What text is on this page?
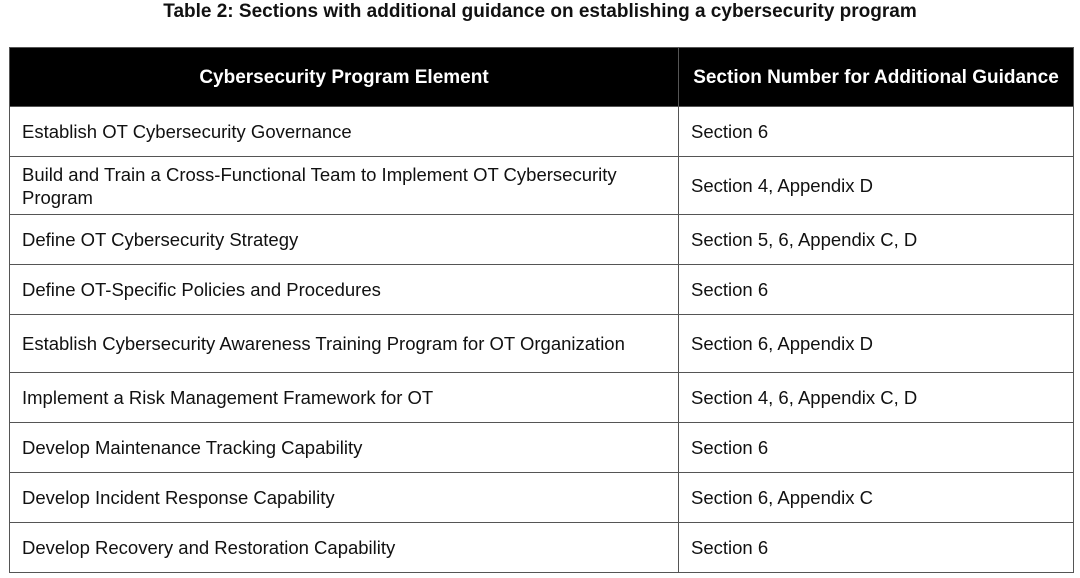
Table 2: Sections with additional guidance on establishing a cybersecurity program
Cybersecurity Program Element	Section Number for Additional Guidance
Establish OT Cybersecurity Governance	Section 6
Build and Train a Cross-Functional Team to Implement OT Cybersecurity Program	Section 4, Appendix D
Define OT Cybersecurity Strategy	Section 5, 6, Appendix C, D
Define OT-Specific Policies and Procedures	Section 6
Establish Cybersecurity Awareness Training Program for OT Organization	Section 6, Appendix D
Implement a Risk Management Framework for OT	Section 4, 6, Appendix C, D
Develop Maintenance Tracking Capability	Section 6
Develop Incident Response Capability	Section 6, Appendix C
Develop Recovery and Restoration Capability	Section 6
